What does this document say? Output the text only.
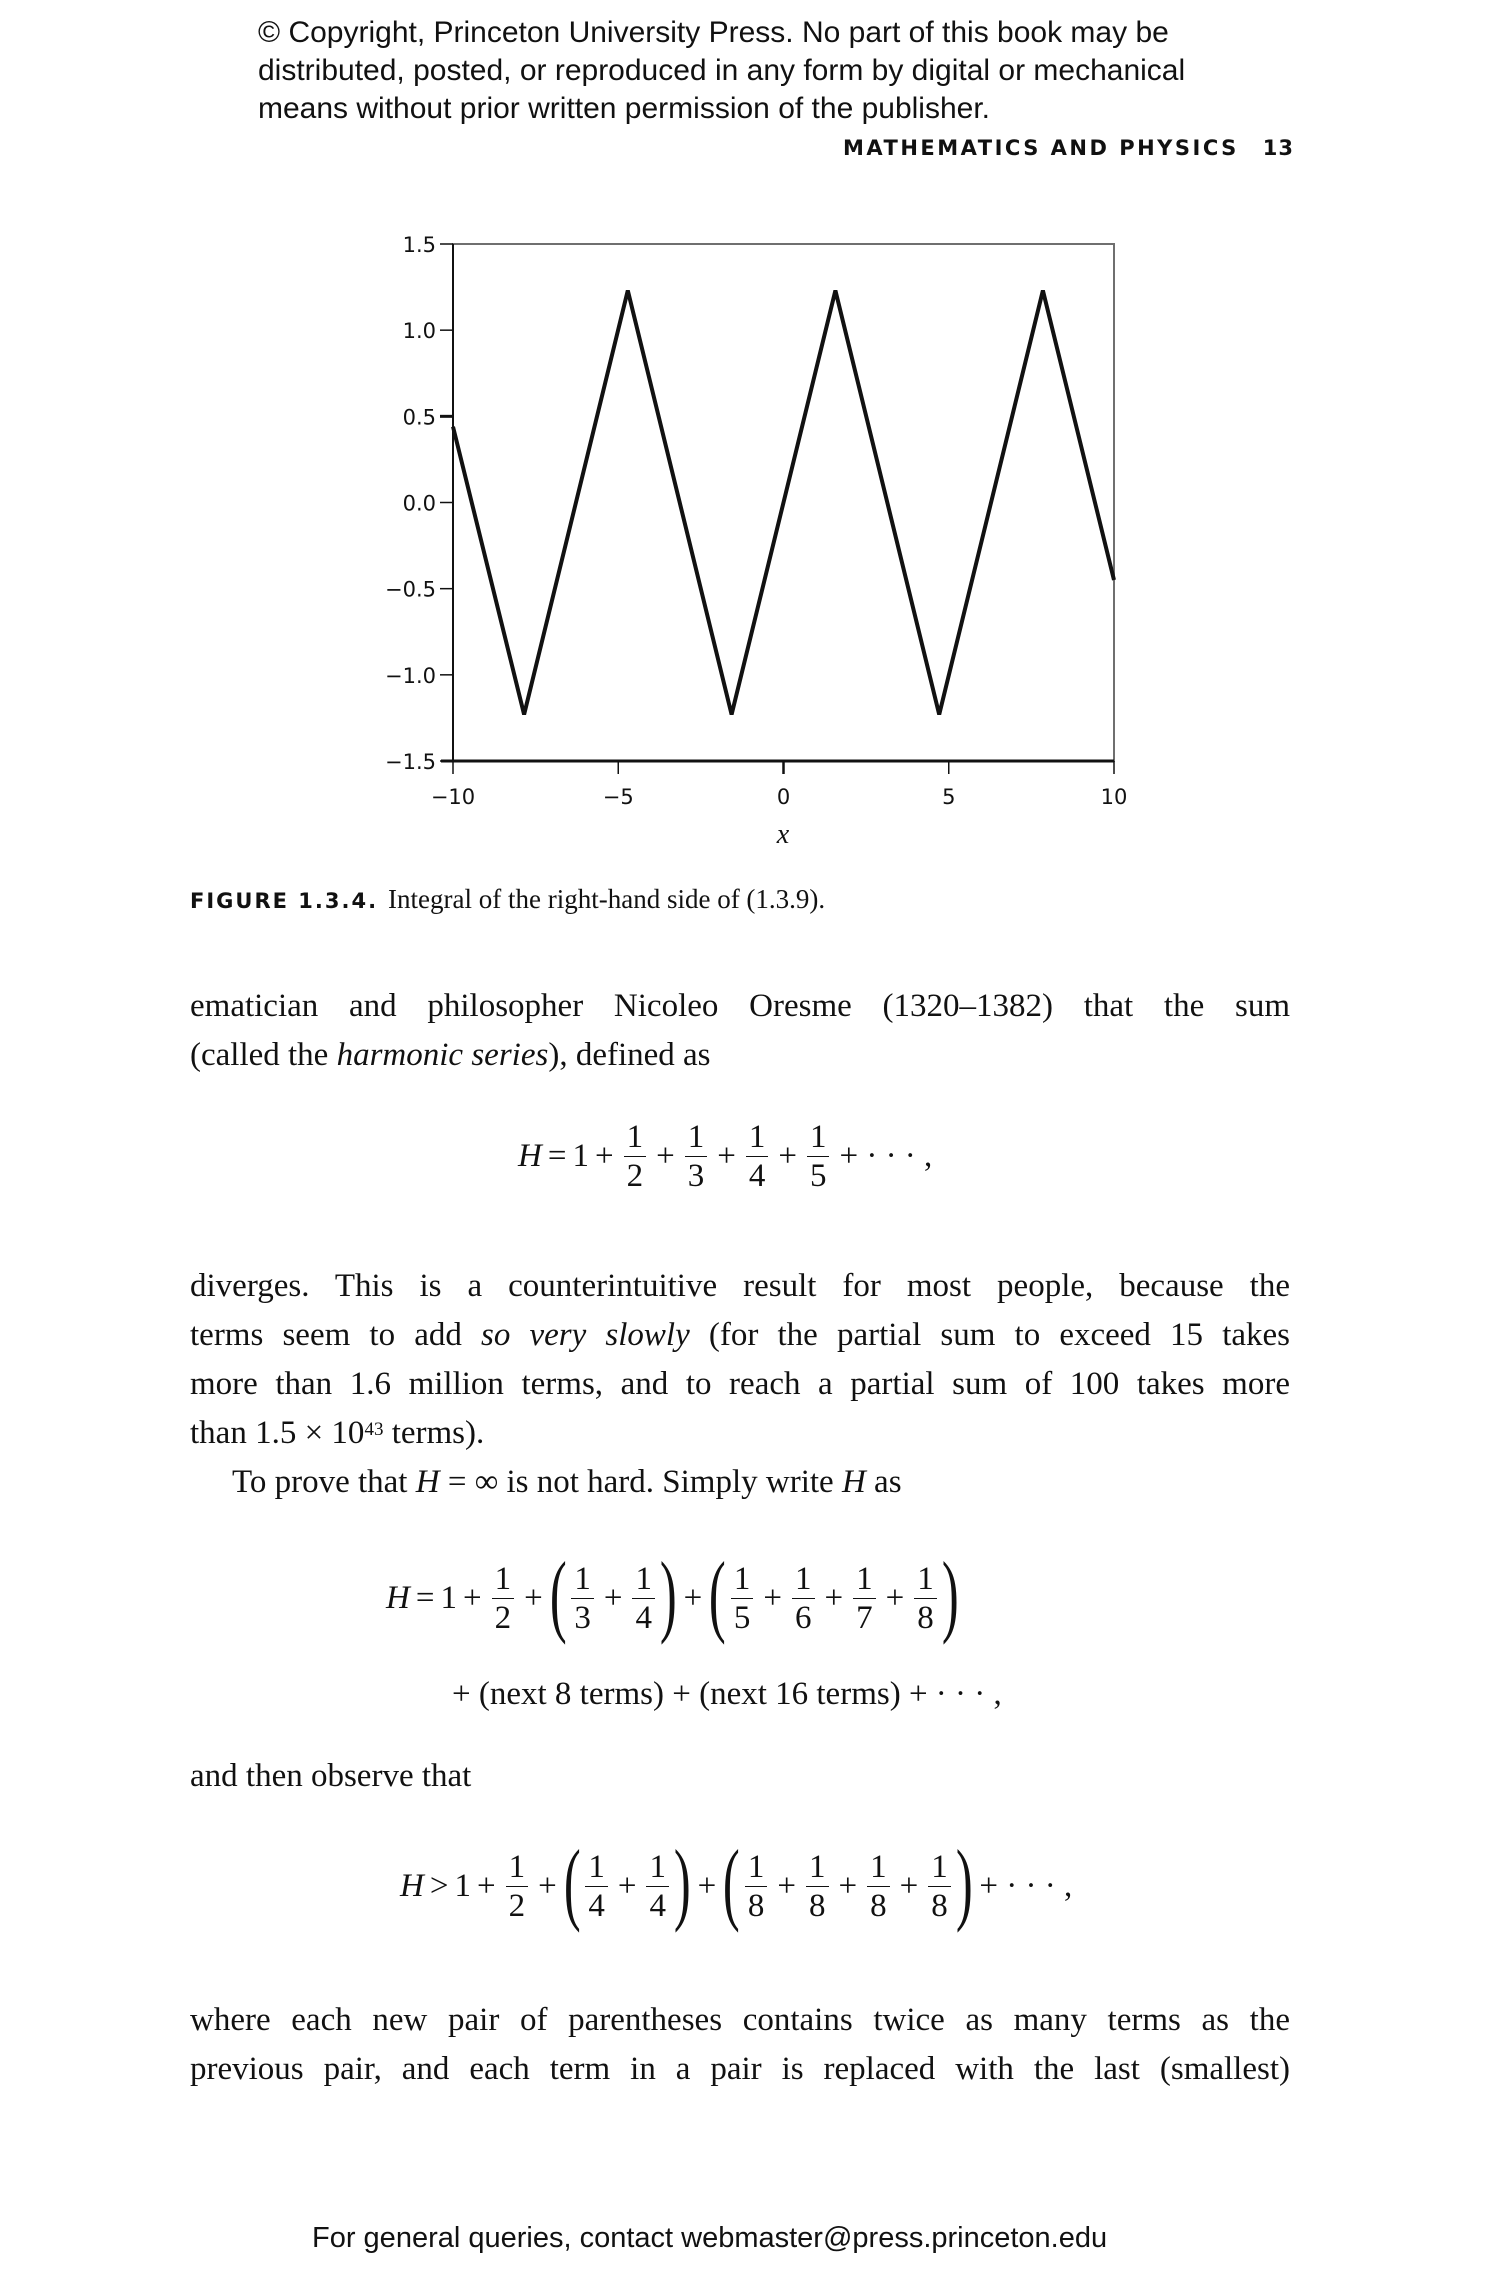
© Copyright, Princeton University Press. No part of this book may be
distributed, posted, or reproduced in any form by digital or mechanical
means without prior written permission of the publisher.
MATHEMATICS AND PHYSICS 13
1.5
1.0
0.5
0.0
−0.5
−1.0
−1.5
−10	−5	0	5	10
x
FIGURE 1.3.4. Integral of the right-hand side of (1.3.9).
ematician and philosopher Nicoleo Oresme (1320–1382) that the sum
(called the harmonic series), defined as
$H = 1 + \frac{1}{2} + \frac{1}{3} + \frac{1}{4} + \frac{1}{5}$ + · · · ,
diverges. This is a counterintuitive result for most people, because the
terms seem to add so very slowly (for the partial sum to exceed 15 takes
more than 1.6 million terms, and to reach a partial sum of 100 takes more
than $1.5 \times 10^{43}$ terms).
To prove that H = ∞ is not hard. Simply write H as
$H = 1 + \frac{1}{2}$ + ( $\frac{1}{3} + \frac{1}{4}$ ) + ( $\frac{1}{5} + \frac{1}{6} + \frac{1}{7} + \frac{1}{8}$ )
+ (next 8 terms) + (next 16 terms) + · · · ,
and then observe that
$H > 1 + \frac{1}{2}$ + ( $\frac{1}{4} + \frac{1}{4}$ ) + ( $\frac{1}{8} + \frac{1}{8} + \frac{1}{8} + \frac{1}{8}$ ) + · · · ,
where each new pair of parentheses contains twice as many terms as the
previous pair, and each term in a pair is replaced with the last (smallest)
For general queries, contact webmaster@press.princeton.edu
